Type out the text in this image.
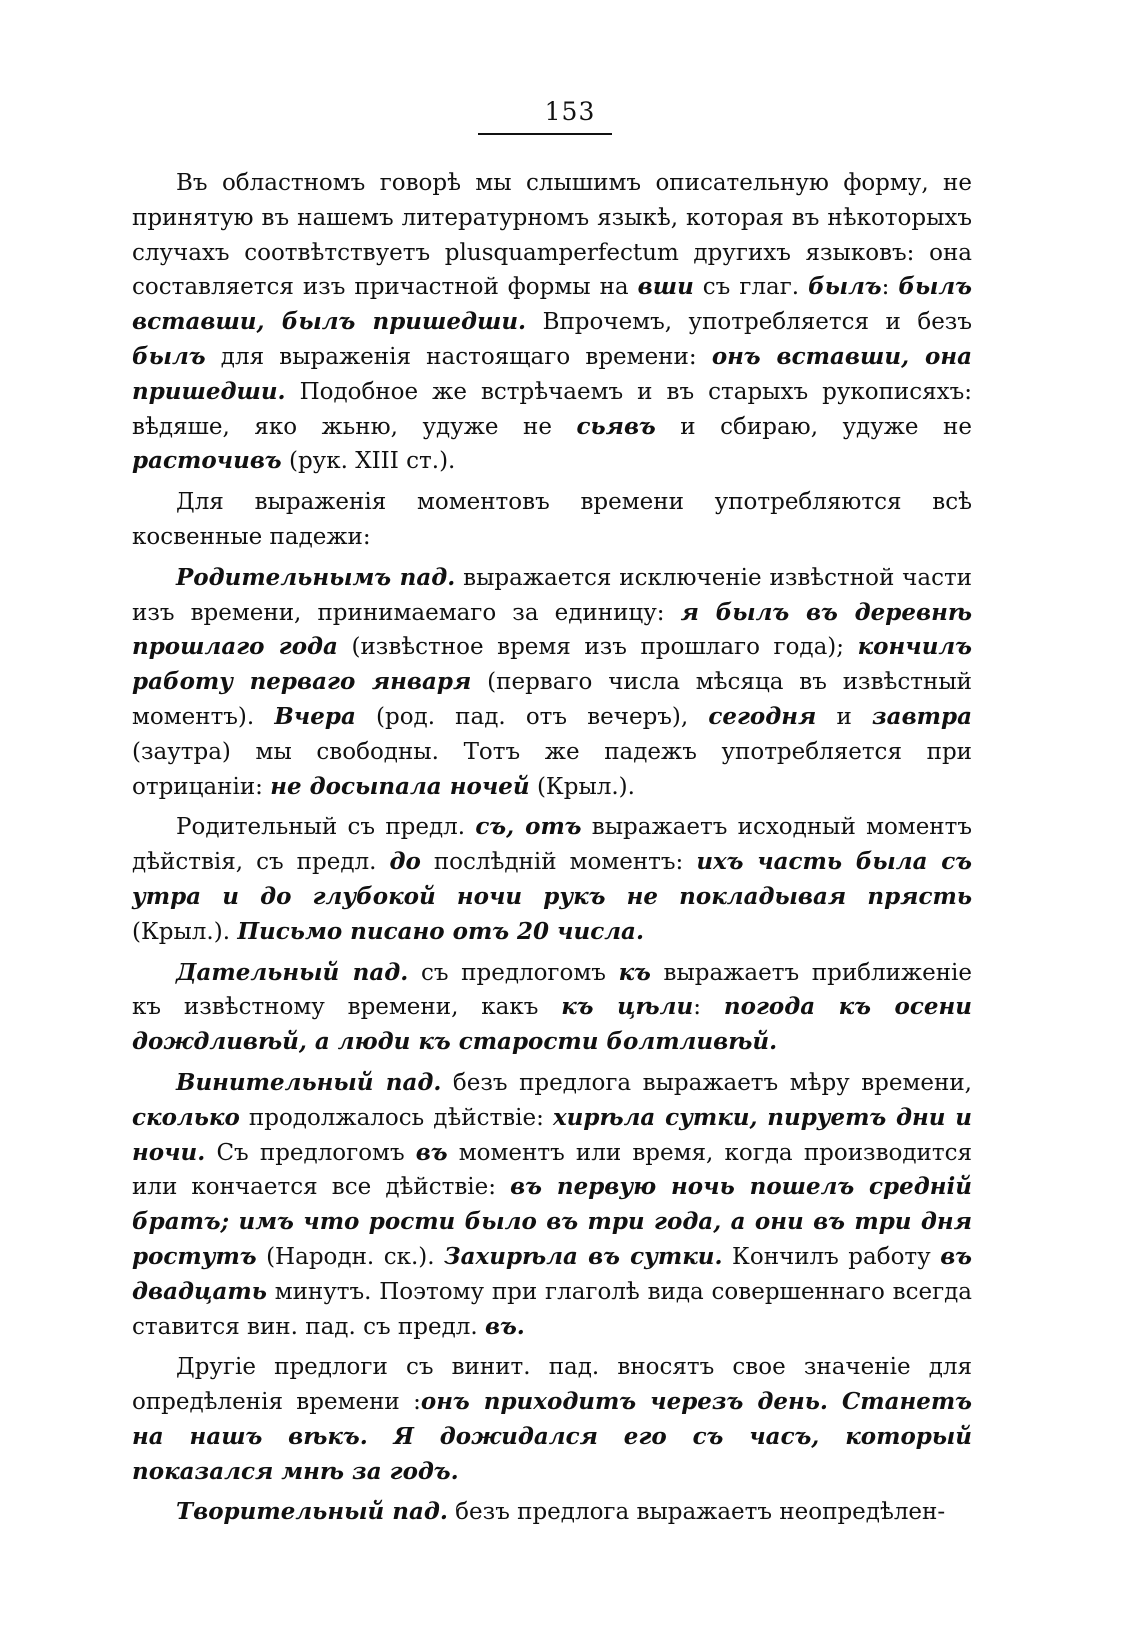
153

Въ областномъ говорѣ мы слышимъ описательную форму, не принятую въ нашемъ литературномъ языкѣ, которая въ нѣкоторыхъ случахъ соотвѣтствуетъ plusquamperfectum другихъ языковъ: она составляется изъ причастной формы на вши съ глаг. былъ: былъ вставши, былъ пришедши. Впрочемъ, употребляется и безъ былъ для выраженія настоящаго времени: онъ вставши, она пришедши. Подобное же встрѣчаемъ и въ старыхъ рукописяхъ: вѣдяше, яко жьню, удуже не сьявъ и сбираю, удуже не расточивъ (рук. XIII ст.).

Для выраженія моментовъ времени употребляются всѣ косвенные падежи:

Родительнымъ пад. выражается исключеніе извѣстной части изъ времени, принимаемаго за единицу: я былъ въ деревнѣ прошлаго года (извѣстное время изъ прошлаго года); кончилъ работу перваго января (перваго числа мѣсяца въ извѣстный моментъ). Вчера (род. пад. отъ вечеръ), сегодня и завтра (заутра) мы свободны. Тотъ же падежъ употребляется при отрицаніи: не досыпала ночей (Крыл.).

Родительный съ предл. съ, отъ выражаетъ исходный моментъ дѣйствія, съ предл. до послѣдній моментъ: ихъ часть была съ утра и до глубокой ночи рукъ не покладывая прясть (Крыл.). Письмо писано отъ 20 числа.

Дательный пад. съ предлогомъ къ выражаетъ приближеніе къ извѣстному времени, какъ къ цѣли: погода къ осени дождливѣй, а люди къ старости болтливѣй.

Винительный пад. безъ предлога выражаетъ мѣру времени, сколько продолжалось дѣйствіе: хирѣла сутки, пируетъ дни и ночи. Съ предлогомъ въ моментъ или время, когда производится или кончается все дѣйствіе: въ первую ночь пошелъ средній братъ; имъ что рости было въ три года, а они въ три дня ростутъ (Народн. ск.). Захирѣла въ сутки. Кончилъ работу въ двадцать минутъ. Поэтому при глаголѣ вида совершеннаго всегда ставится вин. пад. съ предл. въ.

Другіе предлоги съ винит. пад. вносятъ свое значеніе для опредѣленія времени :онъ приходитъ черезъ день. Станетъ на нашъ вѣкъ. Я дожидался его съ часъ, который показался мнѣ за годъ.

Творительный пад. безъ предлога выражаетъ неопредѣлен-
